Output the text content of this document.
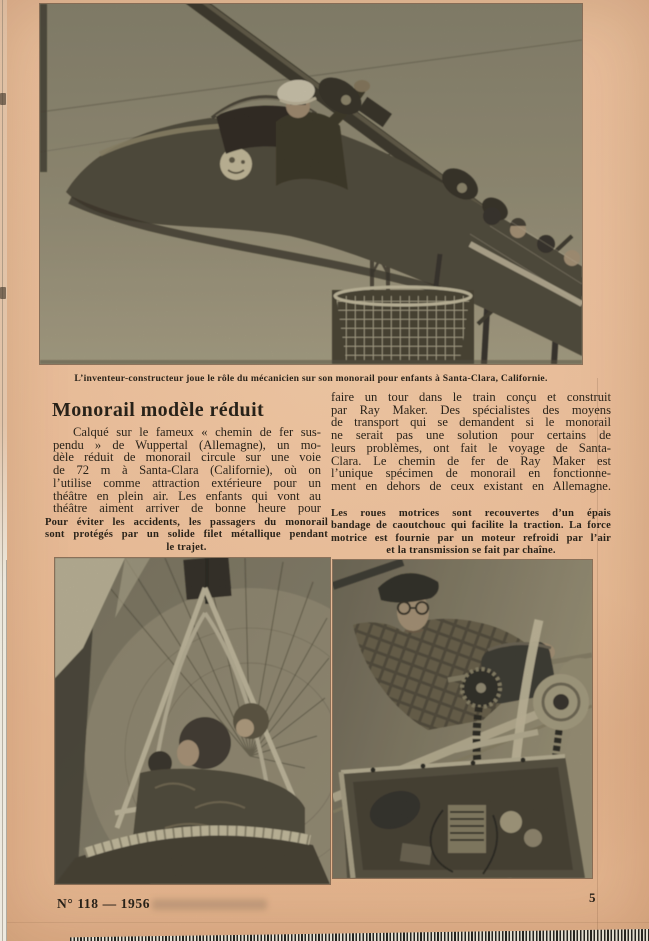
L’inventeur-constructeur joue le rôle du mécanicien sur son monorail pour enfants à Santa-Clara, Californie.
Monorail modèle réduit
Calqué sur le fameux « chemin de fer sus-
pendu » de Wuppertal (Allemagne), un mo-
dèle réduit de monorail circule sur une voie
de 72 m à Santa-Clara (Californie), où on
l’utilise comme attraction extérieure pour un
théâtre en plein air. Les enfants qui vont au
théâtre aiment arriver de bonne heure pour
faire un tour dans le train conçu et construit
par Ray Maker. Des spécialistes des moyens
de transport qui se demandent si le monorail
ne serait pas une solution pour certains de
leurs problèmes, ont fait le voyage de Santa-
Clara. Le chemin de fer de Ray Maker est
l’unique spécimen de monorail en fonctionne-
ment en dehors de ceux existant en Allemagne.
Pour éviter les accidents, les passagers du monorail
sont protégés par un solide filet métallique pendant
le trajet.
Les roues motrices sont recouvertes d’un épais
bandage de caoutchouc qui facilite la traction. La force
motrice est fournie par un moteur refroidi par l’air
et la transmission se fait par chaîne.
N° 118 — 1956	5
